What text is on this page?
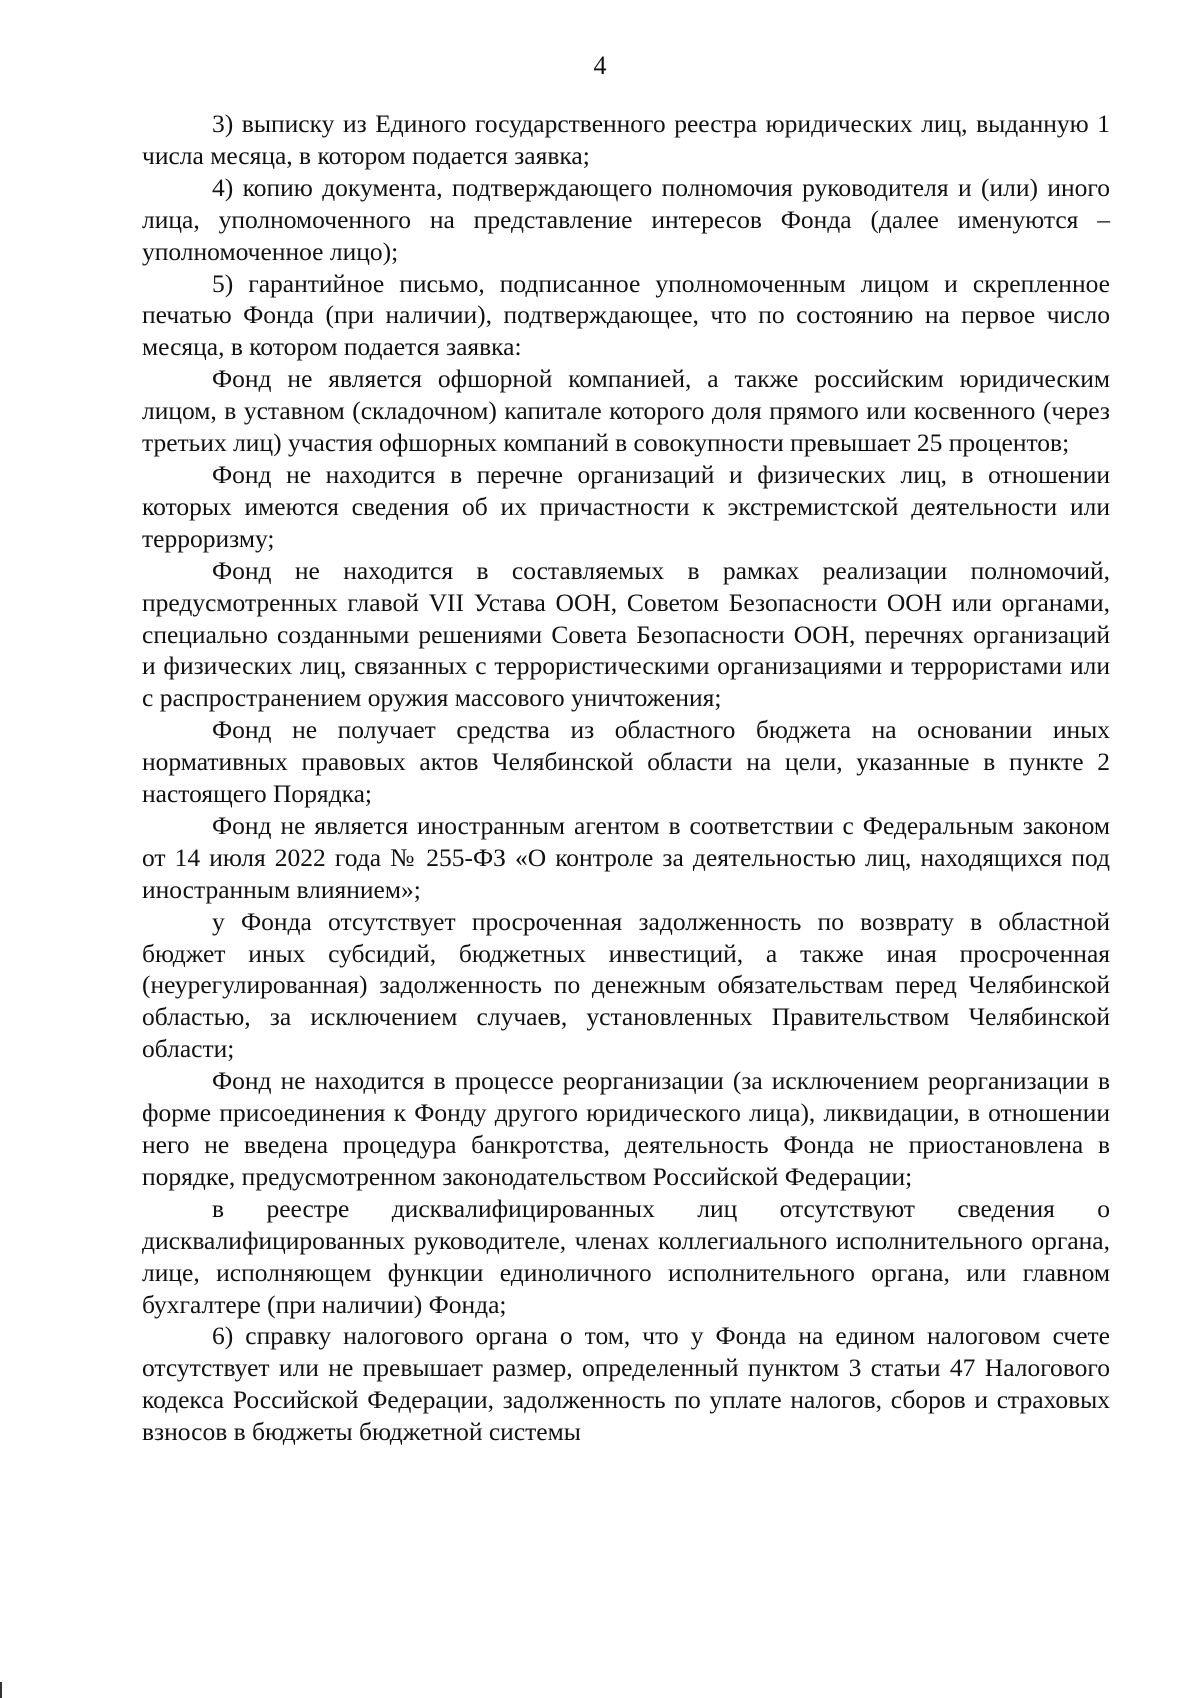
4

3) выписку из Единого государственного реестра юридических лиц, выданную 1 числа месяца, в котором подается заявка;

4) копию документа, подтверждающего полномочия руководителя и (или) иного лица, уполномоченного на представление интересов Фонда (далее именуются – уполномоченное лицо);

5) гарантийное письмо, подписанное уполномоченным лицом и скрепленное печатью Фонда (при наличии), подтверждающее, что по состоянию на первое число месяца, в котором подается заявка:

Фонд не является офшорной компанией, а также российским юридическим лицом, в уставном (складочном) капитале которого доля прямого или косвенного (через третьих лиц) участия офшорных компаний в совокупности превышает 25 процентов;

Фонд не находится в перечне организаций и физических лиц, в отношении которых имеются сведения об их причастности к экстремистской деятельности или терроризму;

Фонд не находится в составляемых в рамках реализации полномочий, предусмотренных главой VII Устава ООН, Советом Безопасности ООН или органами, специально созданными решениями Совета Безопасности ООН, перечнях организаций и физических лиц, связанных с террористическими организациями и террористами или с распространением оружия массового уничтожения;

Фонд не получает средства из областного бюджета на основании иных нормативных правовых актов Челябинской области на цели, указанные в пункте 2 настоящего Порядка;

Фонд не является иностранным агентом в соответствии с Федеральным законом от 14 июля 2022 года № 255-ФЗ «О контроле за деятельностью лиц, находящихся под иностранным влиянием»;

у Фонда отсутствует просроченная задолженность по возврату в областной бюджет иных субсидий, бюджетных инвестиций, а также иная просроченная (неурегулированная) задолженность по денежным обязательствам перед Челябинской областью, за исключением случаев, установленных Правительством Челябинской области;

Фонд не находится в процессе реорганизации (за исключением реорганизации в форме присоединения к Фонду другого юридического лица), ликвидации, в отношении него не введена процедура банкротства, деятельность Фонда не приостановлена в порядке, предусмотренном законодательством Российской Федерации;

в реестре дисквалифицированных лиц отсутствуют сведения о дисквалифицированных руководителе, членах коллегиального исполнительного органа, лице, исполняющем функции единоличного исполнительного органа, или главном бухгалтере (при наличии) Фонда;

6) справку налогового органа о том, что у Фонда на едином налоговом счете отсутствует или не превышает размер, определенный пунктом 3 статьи 47 Налогового кодекса Российской Федерации, задолженность по уплате налогов, сборов и страховых взносов в бюджеты бюджетной системы
